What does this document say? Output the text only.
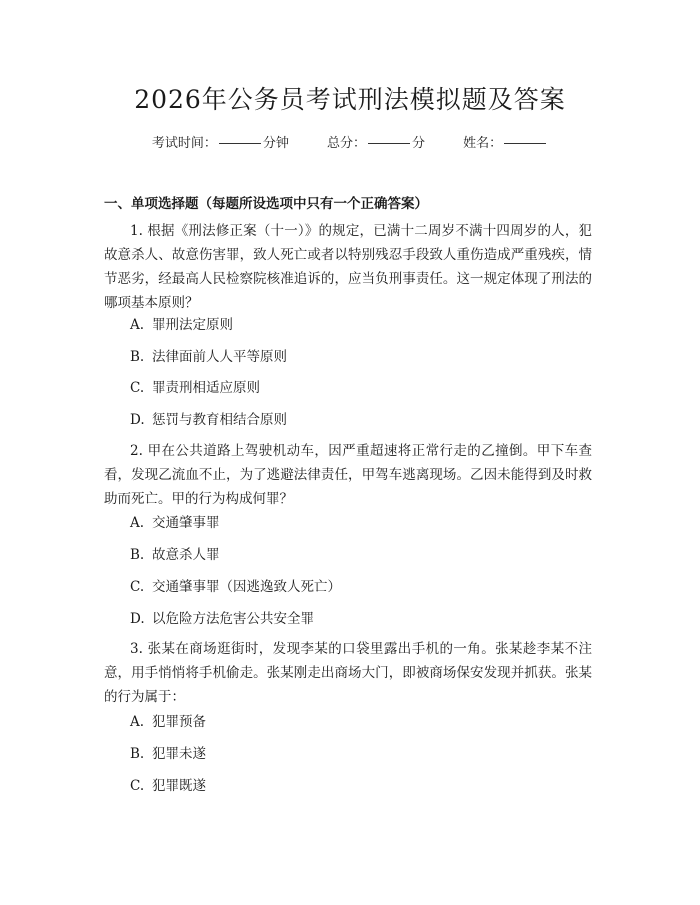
2026年公务员考试刑法模拟题及答案
考试时间：	分钟	总分：	分	姓名：
一、单项选择题（每题所设选项中只有一个正确答案）

1. 根据《刑法修正案（十一）》的规定，已满十二周岁不满十四周岁的人，犯故意杀人、故意伤害罪，致人死亡或者以特别残忍手段致人重伤造成严重残疾，情节恶劣，经最高人民检察院核准追诉的，应当负刑事责任。这一规定体现了刑法的哪项基本原则？

A. 罪刑法定原则
B. 法律面前人人平等原则
C. 罪责刑相适应原则
D. 惩罚与教育相结合原则

2. 甲在公共道路上驾驶机动车，因严重超速将正常行走的乙撞倒。甲下车查看，发现乙流血不止，为了逃避法律责任，甲驾车逃离现场。乙因未能得到及时救助而死亡。甲的行为构成何罪？

A. 交通肇事罪
B. 故意杀人罪
C. 交通肇事罪（因逃逸致人死亡）
D. 以危险方法危害公共安全罪

3. 张某在商场逛街时，发现李某的口袋里露出手机的一角。张某趁李某不注意，用手悄悄将手机偷走。张某刚走出商场大门，即被商场保安发现并抓获。张某的行为属于：

A. 犯罪预备
B. 犯罪未遂
C. 犯罪既遂
